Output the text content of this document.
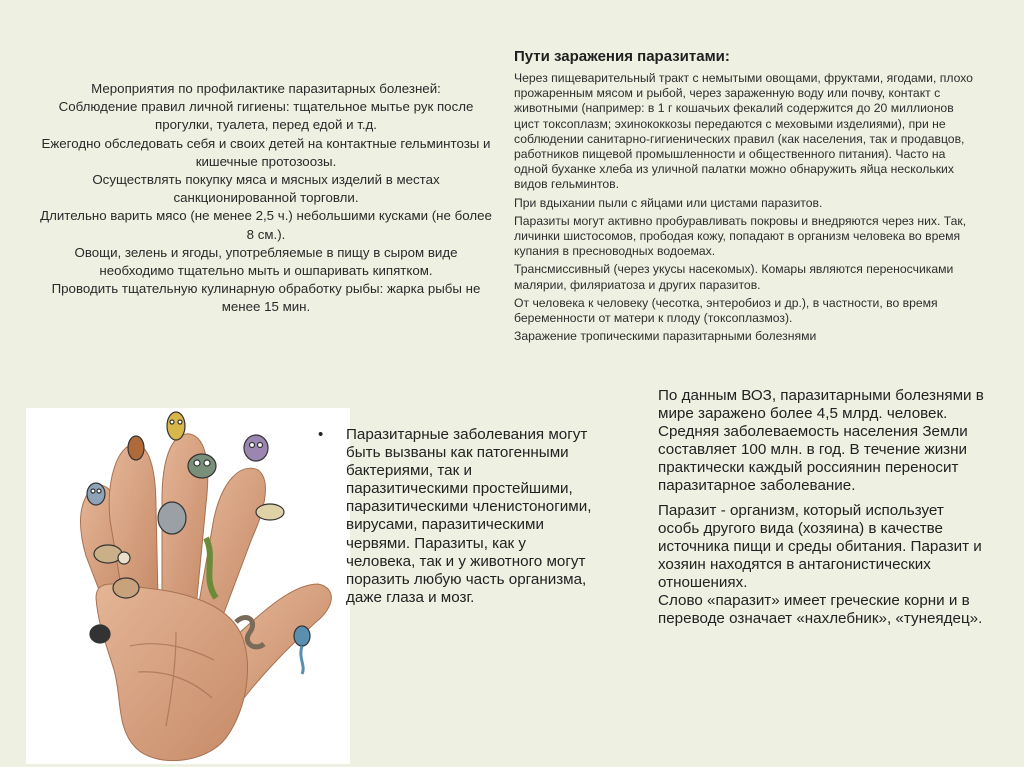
Мероприятия по профилактике паразитарных болезней:

Соблюдение правил личной гигиены: тщательное мытье рук после прогулки, туалета, перед едой и т.д.

Ежегодно обследовать себя и своих детей на контактные гельминтозы и кишечные протозоозы.

Осуществлять покупку мяса и мясных изделий в местах санкционированной торговли.

Длительно варить мясо (не менее 2,5 ч.) небольшими кусками (не более 8 см.).

Овощи, зелень и ягоды, употребляемые в пищу в сыром виде необходимо тщательно мыть и ошпаривать кипятком.

Проводить тщательную кулинарную обработку рыбы: жарка рыбы не менее 15 мин.

Пути заражения паразитами:

Через пищеварительный тракт с немытыми овощами, фруктами, ягодами, плохо прожаренным мясом и рыбой, через зараженную воду или почву, контакт с животными (например: в 1 г кошачьих фекалий содержится до 20 миллионов цист токсоплазм; эхинококкозы передаются с меховыми изделиями), при не соблюдении санитарно-гигиенических правил (как населения, так и продавцов, работников пищевой промышленности и общественного питания). Часто на одной буханке хлеба из уличной палатки можно обнаружить яйца нескольких видов гельминтов.

При вдыхании пыли с яйцами или цистами паразитов.

Паразиты могут активно пробуравливать покровы и внедряются через них. Так, личинки шистосомов, прободая кожу, попадают в организм человека во время купания в пресноводных водоемах.

Трансмиссивный (через укусы насекомых). Комары являются переносчиками малярии, филяриатоза и других паразитов.

От человека к человеку (чесотка, энтеробиоз и др.), в частности, во время беременности от матери к плоду (токсоплазмоз).

Заражение тропическими паразитарными болезнями

• Паразитарные заболевания могут быть вызваны как патогенными бактериями, так и паразитическими простейшими, паразитическими членистоногими, вирусами, паразитическими червями. Паразиты, как у человека, так и у животного могут поразить любую часть организма, даже глаза и мозг.

По данным ВОЗ, паразитарными болезнями в мире заражено более 4,5 млрд. человек. Средняя заболеваемость населения Земли составляет 100 млн. в год. В течение жизни практически каждый россиянин переносит паразитарное заболевание.

Паразит - организм, который использует особь другого вида (хозяина) в качестве источника пищи и среды обитания. Паразит и хозяин находятся в антагонистических отношениях.

Слово «паразит» имеет греческие корни и в переводе означает «нахлебник», «тунеядец».
